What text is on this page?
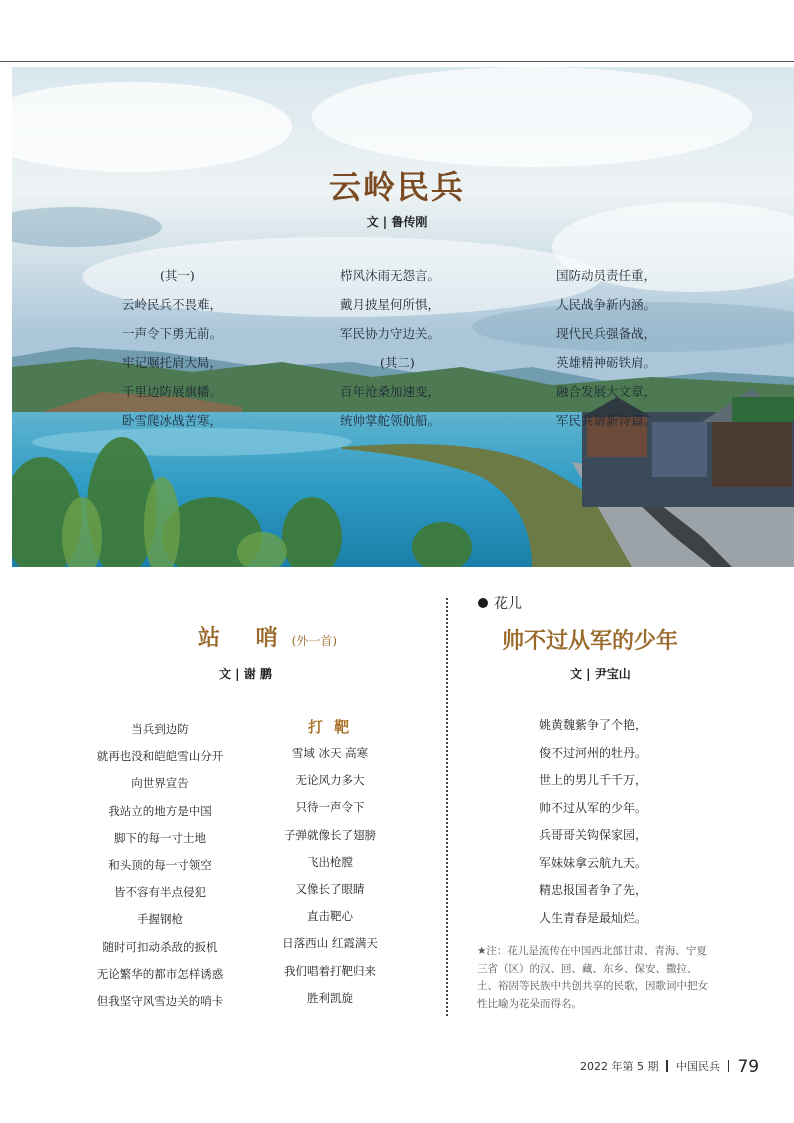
云岭民兵
文 | 鲁传刚
(其一)
云岭民兵不畏难，
一声令下勇无前。
牢记嘱托肩大局，
千里边防展旗幡。
卧雪爬冰战苦寒，
栉风沐雨无怨言。
戴月披星何所惧，
军民协力守边关。
(其二)
百年沧桑加速变，
统帅掌舵领航船。
国防动员责任重，
人民战争新内涵。
现代民兵强备战，
英雄精神砺铁肩。
融合发展大文章，
军民共谱新诗篇。
站 哨(外一首)
文 | 谢 鹏
当兵到边防
就再也没和皑皑雪山分开
向世界宣告
我站立的地方是中国
脚下的每一寸土地
和头顶的每一寸领空
皆不容有半点侵犯
手握钢枪
随时可扣动杀敌的扳机
无论繁华的都市怎样诱惑
但我坚守风雪边关的哨卡
打 靶
雪域 冰天 高寒
无论风力多大
只待一声令下
子弹就像长了翅膀
飞出枪膛
又像长了眼睛
直击靶心
日落西山 红霞满天
我们唱着打靶归来
胜利凯旋
花儿
帅不过从军的少年
文 | 尹宝山
姚黄魏紫争了个艳，
俊不过河州的牡丹。
世上的男儿千千万，
帅不过从军的少年。
兵哥哥关钩保家园，
军妹妹拿云航九天。
精忠报国者争了先，
人生青春是最灿烂。
★注：花儿是流传在中国西北部甘肃、青海、宁夏三省（区）的汉、回、藏、东乡、保安、撒拉、土、裕固等民族中共创共享的民歌，因歌词中把女性比喻为花朵而得名。
2022 年第 5 期 中国民兵 79
